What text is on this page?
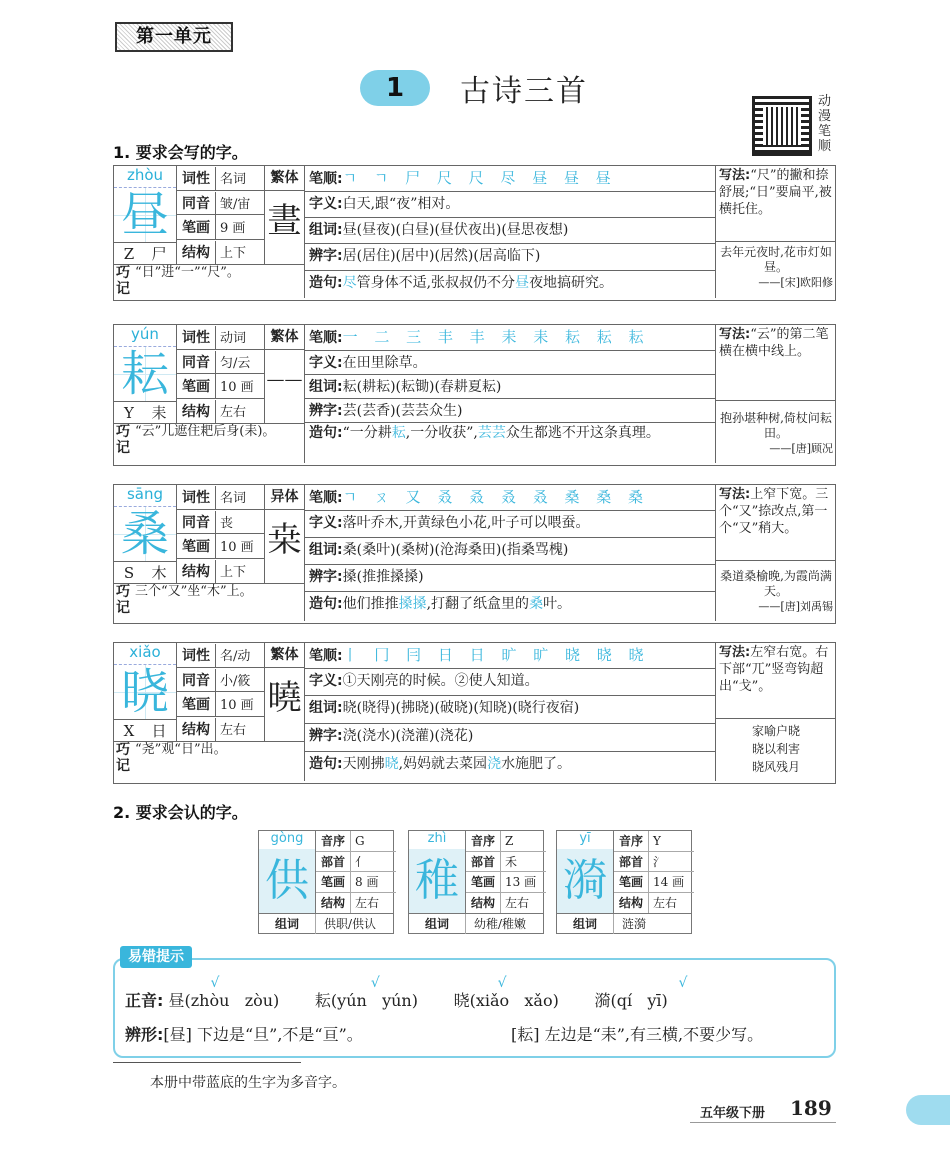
第一单元
1	古诗三首	动漫笔顺
1. 要求会写的字。
zhòu
昼
Z 尸
词性 名词
同音 皱/宙
笔画 9 画
结构 上下
繁体
晝
巧记
“日”进“一”“尺”。
笔顺:ㄱ ㄱ 尸 尺 尺 尽 昼 昼 昼
字义:白天,跟“夜”相对。
组词:昼(昼夜)(白昼)(昼伏夜出)(昼思夜想)
辨字:居(居住)(居中)(居然)(居高临下)
造句:尽管身体不适,张叔叔仍不分昼夜地搞研究。
写法:“尺”的撇和捺舒展;“日”要扁平,被横托住。
去年元夜时,花市灯如昼。
——[宋]欧阳修
yún
耘
Y 耒
词性 动词
同音 匀/云
笔画 10 画
结构 左右
繁体
——
巧记
“云”儿遮住耙后身(耒)。
笔顺:一 二 三 丰 丰 耒 耒 耘 耘 耘
字义:在田里除草。
组词:耘(耕耘)(耘锄)(春耕夏耘)
辨字:芸(芸香)(芸芸众生)
造句:“一分耕耘,一分收获”,芸芸众生都逃不开这条真理。
写法:“云”的第二笔横在横中线上。
抱孙堪种树,倚杖问耘田。
——[唐]顾况
sāng
桑
S 木
词性 名词
同音 丧
笔画 10 画
结构 上下
异体
桒
巧记
三个“又”坐“木”上。
笔顺:ㄱ ㄡ 又 叒 叒 叒 叒 桑 桑 桑
字义:落叶乔木,开黄绿色小花,叶子可以喂蚕。
组词:桑(桑叶)(桑树)(沧海桑田)(指桑骂槐)
辨字:搡(推推搡搡)
造句:他们推推搡搡,打翻了纸盒里的桑叶。
写法:上窄下宽。三个“又”捺改点,第一个“又”稍大。
桑道桑榆晚,为霞尚满天。
——[唐]刘禹锡
xiǎo
晓
X 日
词性 名/动
同音 小/筱
笔画 10 画
结构 左右
繁体
曉
巧记
“尧”观“日”出。
笔顺:丨 冂 冃 日 日 旷 旷 晓 晓 晓
字义:①天刚亮的时候。②使人知道。
组词:晓(晓得)(拂晓)(破晓)(知晓)(晓行夜宿)
辨字:浇(浇水)(浇灌)(浇花)
造句:天刚拂晓,妈妈就去菜园浇水施肥了。
写法:左窄右宽。右下部“兀”竖弯钩超出“戈”。
家喻户晓
晓以利害
晓风残月
2. 要求会认的字。
gòng
供
音序 G
部首 亻
笔画 8 画
结构 左右
组词 供职/供认
zhì
稚
音序 Z
部首 禾
笔画 13 画
结构 左右
组词 幼稚/稚嫩
yī
漪
音序 Y
部首 氵
笔画 14 画
结构 左右
组词 涟漪
正音:
√
昼(zhòu zòu)
√
耘(yún yún)
√
晓(xiǎo xǎo)
√
漪(qí yī)
辨形:[昼] 下边是“旦”,不是“亘”。	[耘] 左边是“耒”,有三横,不要少写。
易错提示
本册中带蓝底的生字为多音字。
五年级下册 189
